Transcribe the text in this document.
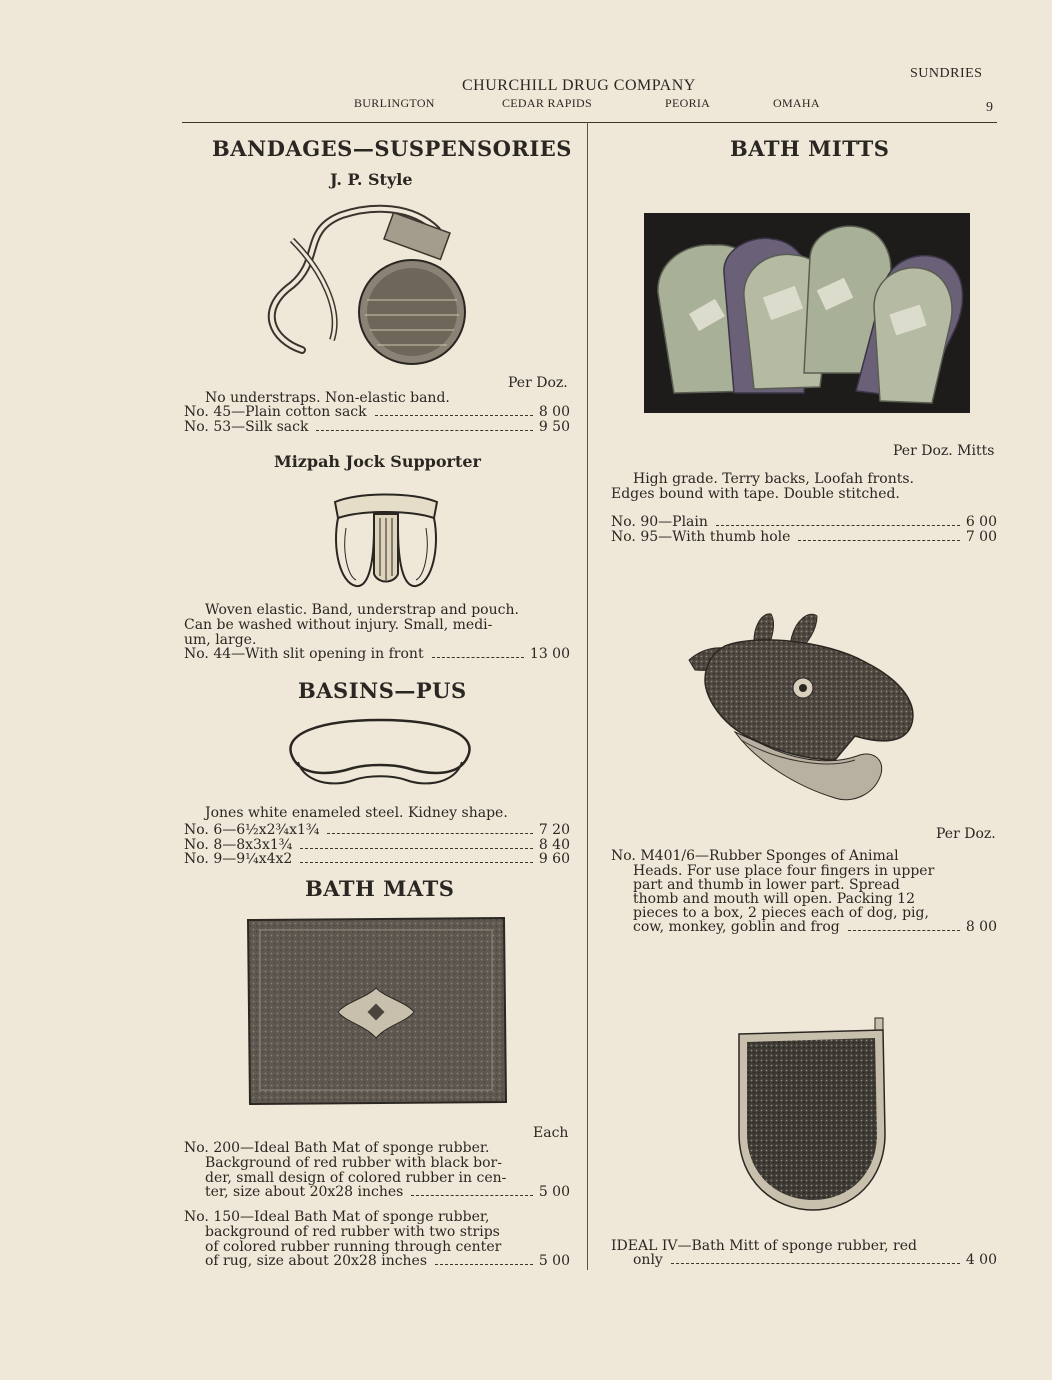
CHURCHILL DRUG COMPANY
BURLINGTON	CEDAR RAPIDS	PEORIA	OMAHA
SUNDRIES
9
BANDAGES—SUSPENSORIES
J. P. Style
Per Doz.
No understraps. Non-elastic band.
No. 45—Plain cotton sack	8 00
No. 53—Silk sack	9 50
Mizpah Jock Supporter
Woven elastic. Band, understrap and pouch.
Can be washed without injury. Small, medi-
um, large.
No. 44—With slit opening in front	13 00
BASINS—PUS
Jones white enameled steel. Kidney shape.
No. 6—6½x2¾x1¾	7 20
No. 8—8x3x1¾	8 40
No. 9—9¼x4x2	9 60
BATH MATS
Each
No. 200—Ideal Bath Mat of sponge rubber.
Background of red rubber with black bor-
der, small design of colored rubber in cen-
ter, size about 20x28 inches	5 00
No. 150—Ideal Bath Mat of sponge rubber,
background of red rubber with two strips
of colored rubber running through center
of rug, size about 20x28 inches	5 00
BATH MITTS
Per Doz. Mitts
High grade. Terry backs, Loofah fronts.
Edges bound with tape. Double stitched.
No. 90—Plain	6 00
No. 95—With thumb hole	7 00
Per Doz.
No. M401/6—Rubber Sponges of Animal
Heads. For use place four fingers in upper
part and thumb in lower part. Spread
thomb and mouth will open. Packing 12
pieces to a box, 2 pieces each of dog, pig,
cow, monkey, goblin and frog	8 00
IDEAL IV—Bath Mitt of sponge rubber, red
only	4 00
